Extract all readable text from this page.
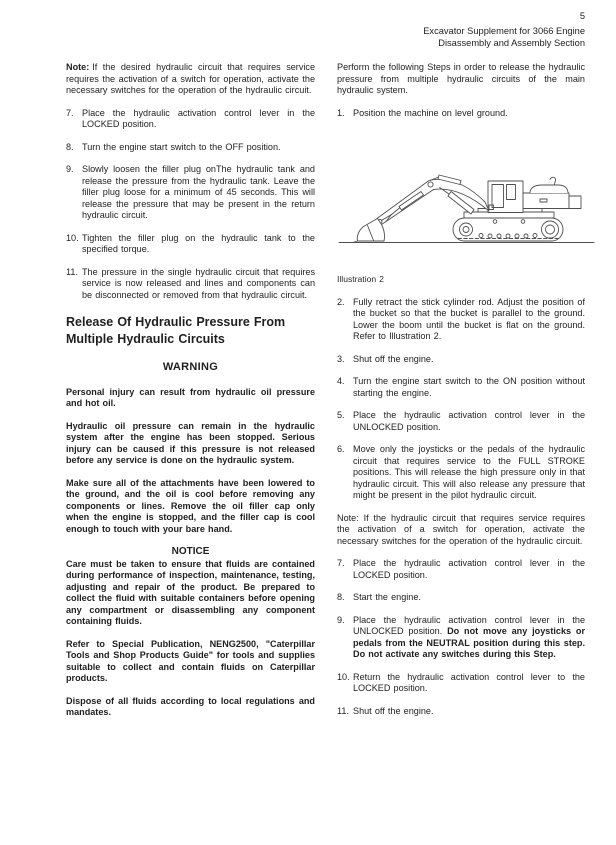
5
Excavator Supplement for 3066 Engine
Disassembly and Assembly Section

Note: If the desired hydraulic circuit that requires service requires the activation of a switch for operation, activate the necessary switches for the operation of the hydraulic circuit.

7. Place the hydraulic activation control lever in the LOCKED position.
8. Turn the engine start switch to the OFF position.
9. Slowly loosen the filler plug onThe hydraulic tank and release the pressure from the hydraulic tank. Leave the filler plug loose for a minimum of 45 seconds. This will release the pressure that may be present in the return hydraulic circuit.
10. Tighten the filler plug on the hydraulic tank to the specified torque.
11. The pressure in the single hydraulic circuit that requires service is now released and lines and components can be disconnected or removed from that hydraulic circuit.
Release Of Hydraulic Pressure From Multiple Hydraulic Circuits
WARNING

Personal injury can result from hydraulic oil pressure and hot oil.

Hydraulic oil pressure can remain in the hydraulic system after the engine has been stopped. Serious injury can be caused if this pressure is not released before any service is done on the hydraulic system.

Make sure all of the attachments have been lowered to the ground, and the oil is cool before removing any components or lines. Remove the oil filler cap only when the engine is stopped, and the filler cap is cool enough to touch with your bare hand.

NOTICE

Care must be taken to ensure that fluids are contained during performance of inspection, maintenance, testing, adjusting and repair of the product. Be prepared to collect the fluid with suitable containers before opening any compartment or disassembling any component containing fluids.

Refer to Special Publication, NENG2500, "Caterpillar Tools and Shop Products Guide" for tools and supplies suitable to collect and contain fluids on Caterpillar products.

Dispose of all fluids according to local regulations and mandates.

Perform the following Steps in order to release the hydraulic pressure from multiple hydraulic circuits of the main hydraulic system.

1. Position the machine on level ground.
Illustration 2
2. Fully retract the stick cylinder rod. Adjust the position of the bucket so that the bucket is parallel to the ground. Lower the boom until the bucket is flat on the ground. Refer to Illustration 2.
3. Shut off the engine.
4. Turn the engine start switch to the ON position without starting the engine.
5. Place the hydraulic activation control lever in the UNLOCKED position.
6. Move only the joysticks or the pedals of the hydraulic circuit that requires service to the FULL STROKE positions. This will release the high pressure only in that hydraulic circuit. This will also release any pressure that might be present in the pilot hydraulic circuit.

Note: If the hydraulic circuit that requires service requires the activation of a switch for operation, activate the necessary switches for the operation of the hydraulic circuit.

7. Place the hydraulic activation control lever in the LOCKED position.
8. Start the engine.
9. Place the hydraulic activation control lever in the UNLOCKED position. Do not move any joysticks or pedals from the NEUTRAL position during this step. Do not activate any switches during this Step.
10. Return the hydraulic activation control lever to the LOCKED position.
11. Shut off the engine.
